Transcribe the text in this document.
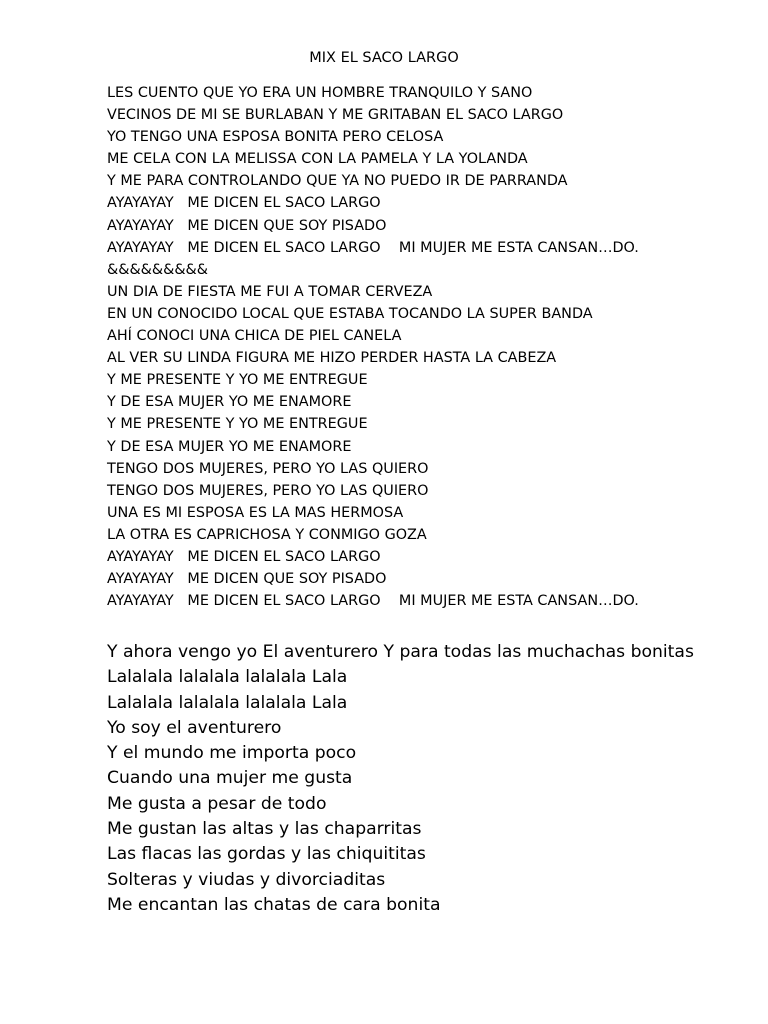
MIX EL SACO LARGO
LES CUENTO QUE YO ERA UN HOMBRE TRANQUILO Y SANO
VECINOS DE MI SE BURLABAN Y ME GRITABAN EL SACO LARGO
YO TENGO UNA ESPOSA BONITA PERO CELOSA
ME CELA CON LA MELISSA CON LA PAMELA Y LA YOLANDA
Y ME PARA CONTROLANDO QUE YA NO PUEDO IR DE PARRANDA
AYAYAYAY   ME DICEN EL SACO LARGO
AYAYAYAY   ME DICEN QUE SOY PISADO
AYAYAYAY   ME DICEN EL SACO LARGO    MI MUJER ME ESTA CANSAN…DO.
&&&&&&&&&
UN DIA DE FIESTA ME FUI A TOMAR CERVEZA
EN UN CONOCIDO LOCAL QUE ESTABA TOCANDO LA SUPER BANDA
AHÍ CONOCI UNA CHICA DE PIEL CANELA
AL VER SU LINDA FIGURA ME HIZO PERDER HASTA LA CABEZA
Y ME PRESENTE Y YO ME ENTREGUE
Y DE ESA MUJER YO ME ENAMORE
Y ME PRESENTE Y YO ME ENTREGUE
Y DE ESA MUJER YO ME ENAMORE
TENGO DOS MUJERES, PERO YO LAS QUIERO
TENGO DOS MUJERES, PERO YO LAS QUIERO
UNA ES MI ESPOSA ES LA MAS HERMOSA
LA OTRA ES CAPRICHOSA Y CONMIGO GOZA
AYAYAYAY   ME DICEN EL SACO LARGO
AYAYAYAY   ME DICEN QUE SOY PISADO
AYAYAYAY   ME DICEN EL SACO LARGO    MI MUJER ME ESTA CANSAN…DO.
Y ahora vengo yo El aventurero Y para todas las muchachas bonitas
Lalalala lalalala lalalala Lala
Lalalala lalalala lalalala Lala
Yo soy el aventurero
Y el mundo me importa poco
Cuando una mujer me gusta
Me gusta a pesar de todo
Me gustan las altas y las chaparritas
Las flacas las gordas y las chiquititas
Solteras y viudas y divorciaditas
Me encantan las chatas de cara bonita
